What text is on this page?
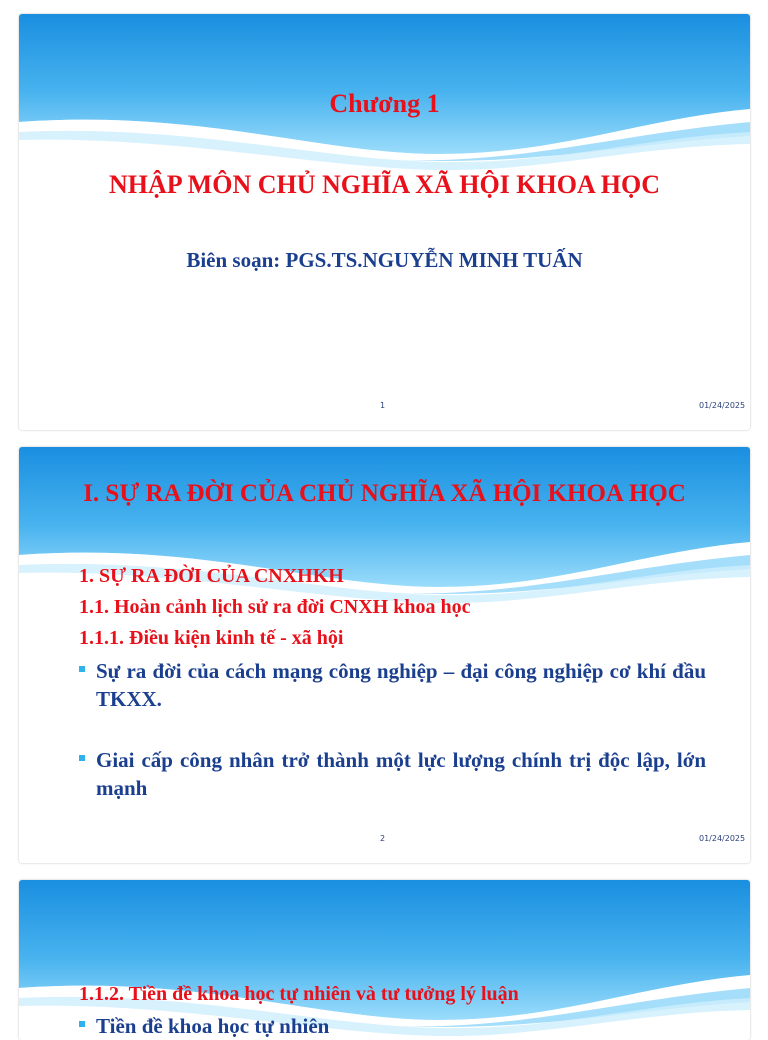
Chương 1
NHẬP MÔN CHỦ NGHĨA XÃ HỘI KHOA HỌC
Biên soạn: PGS.TS.NGUYỄN MINH TUẤN
1	01/24/2025
I. SỰ RA ĐỜI CỦA CHỦ NGHĨA XÃ HỘI KHOA HỌC
1. SỰ RA ĐỜI CỦA CNXHKH
1.1. Hoàn cảnh lịch sử ra đời CNXH khoa học
1.1.1. Điều kiện kinh tế - xã hội
Sự ra đời của cách mạng công nghiệp – đại công nghiệp cơ khí đầu TKXX.
Giai cấp công nhân trở thành một lực lượng chính trị độc lập, lớn mạnh
2	01/24/2025
1.1.2. Tiền đề khoa học tự nhiên và tư tưởng lý luận
Tiền đề khoa học tự nhiên
